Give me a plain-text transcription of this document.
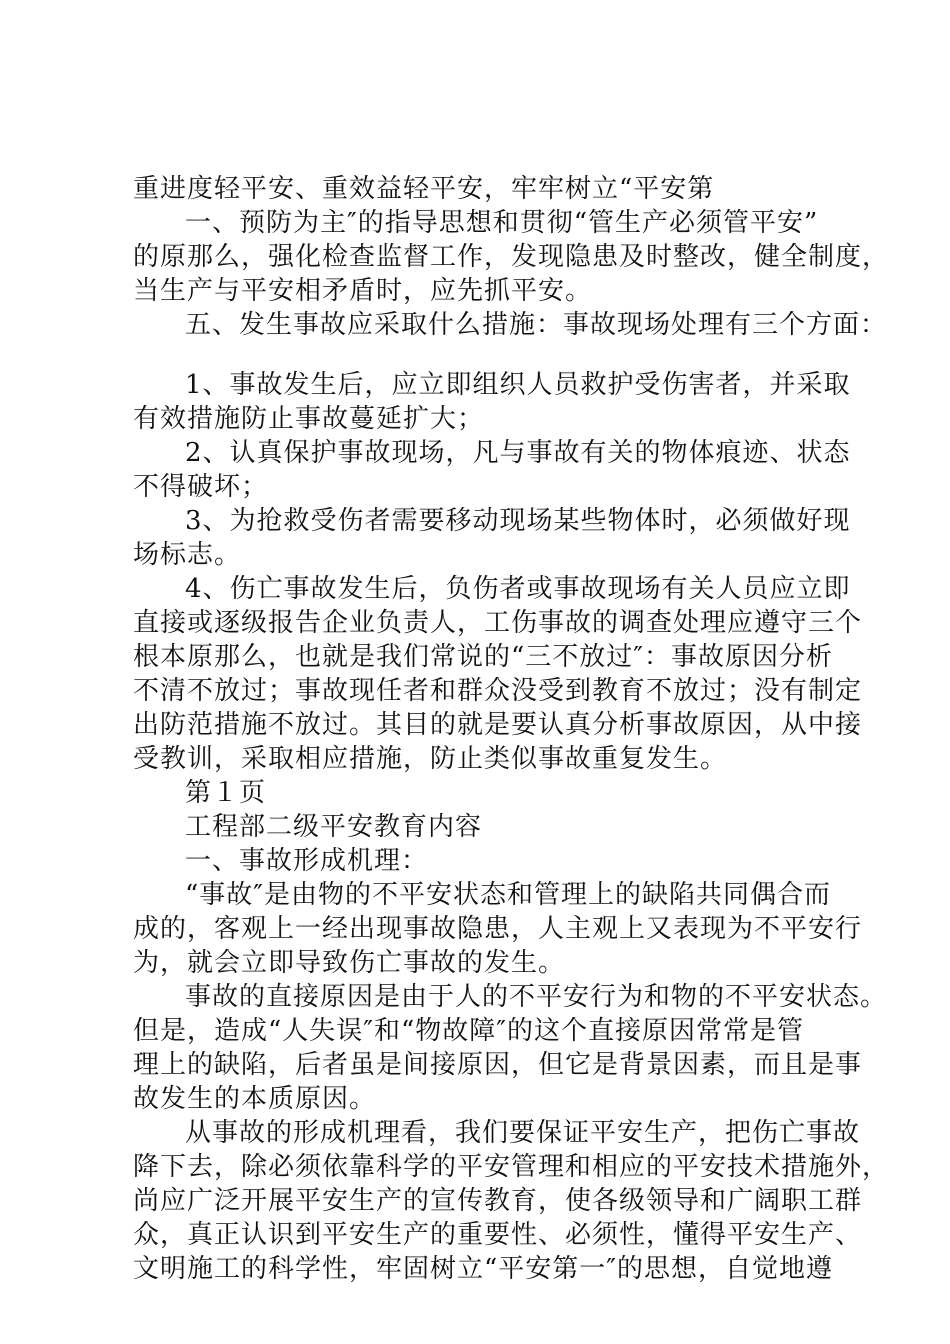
重进度轻平安、重效益轻平安，牢牢树立“平安第
一、预防为主″的指导思想和贯彻“管生产必须管平安”
的原那么，强化检查监督工作，发现隐患及时整改，健全制度，
当生产与平安相矛盾时，应先抓平安。
五、发生事故应采取什么措施：事故现场处理有三个方面：
1、事故发生后，应立即组织人员救护受伤害者，并采取
有效措施防止事故蔓延扩大；
2、认真保护事故现场，凡与事故有关的物体痕迹、状态
不得破坏；
3、为抢救受伤者需要移动现场某些物体时，必须做好现
场标志。
4、伤亡事故发生后，负伤者或事故现场有关人员应立即
直接或逐级报告企业负责人，工伤事故的调查处理应遵守三个
根本原那么，也就是我们常说的“三不放过″：事故原因分析
不清不放过；事故现任者和群众没受到教育不放过；没有制定
出防范措施不放过。其目的就是要认真分析事故原因，从中接
受教训，采取相应措施，防止类似事故重复发生。
第１页
工程部二级平安教育内容
一、事故形成机理：
“事故″是由物的不平安状态和管理上的缺陷共同偶合而
成的，客观上一经出现事故隐患，人主观上又表现为不平安行
为，就会立即导致伤亡事故的发生。
事故的直接原因是由于人的不平安行为和物的不平安状态。
但是，造成“人失误″和“物故障″的这个直接原因常常是管
理上的缺陷，后者虽是间接原因，但它是背景因素，而且是事
故发生的本质原因。
从事故的形成机理看，我们要保证平安生产，把伤亡事故
降下去，除必须依靠科学的平安管理和相应的平安技术措施外，
尚应广泛开展平安生产的宣传教育，使各级领导和广阔职工群
众，真正认识到平安生产的重要性、必须性，懂得平安生产、
文明施工的科学性，牢固树立“平安第一″的思想，自觉地遵
